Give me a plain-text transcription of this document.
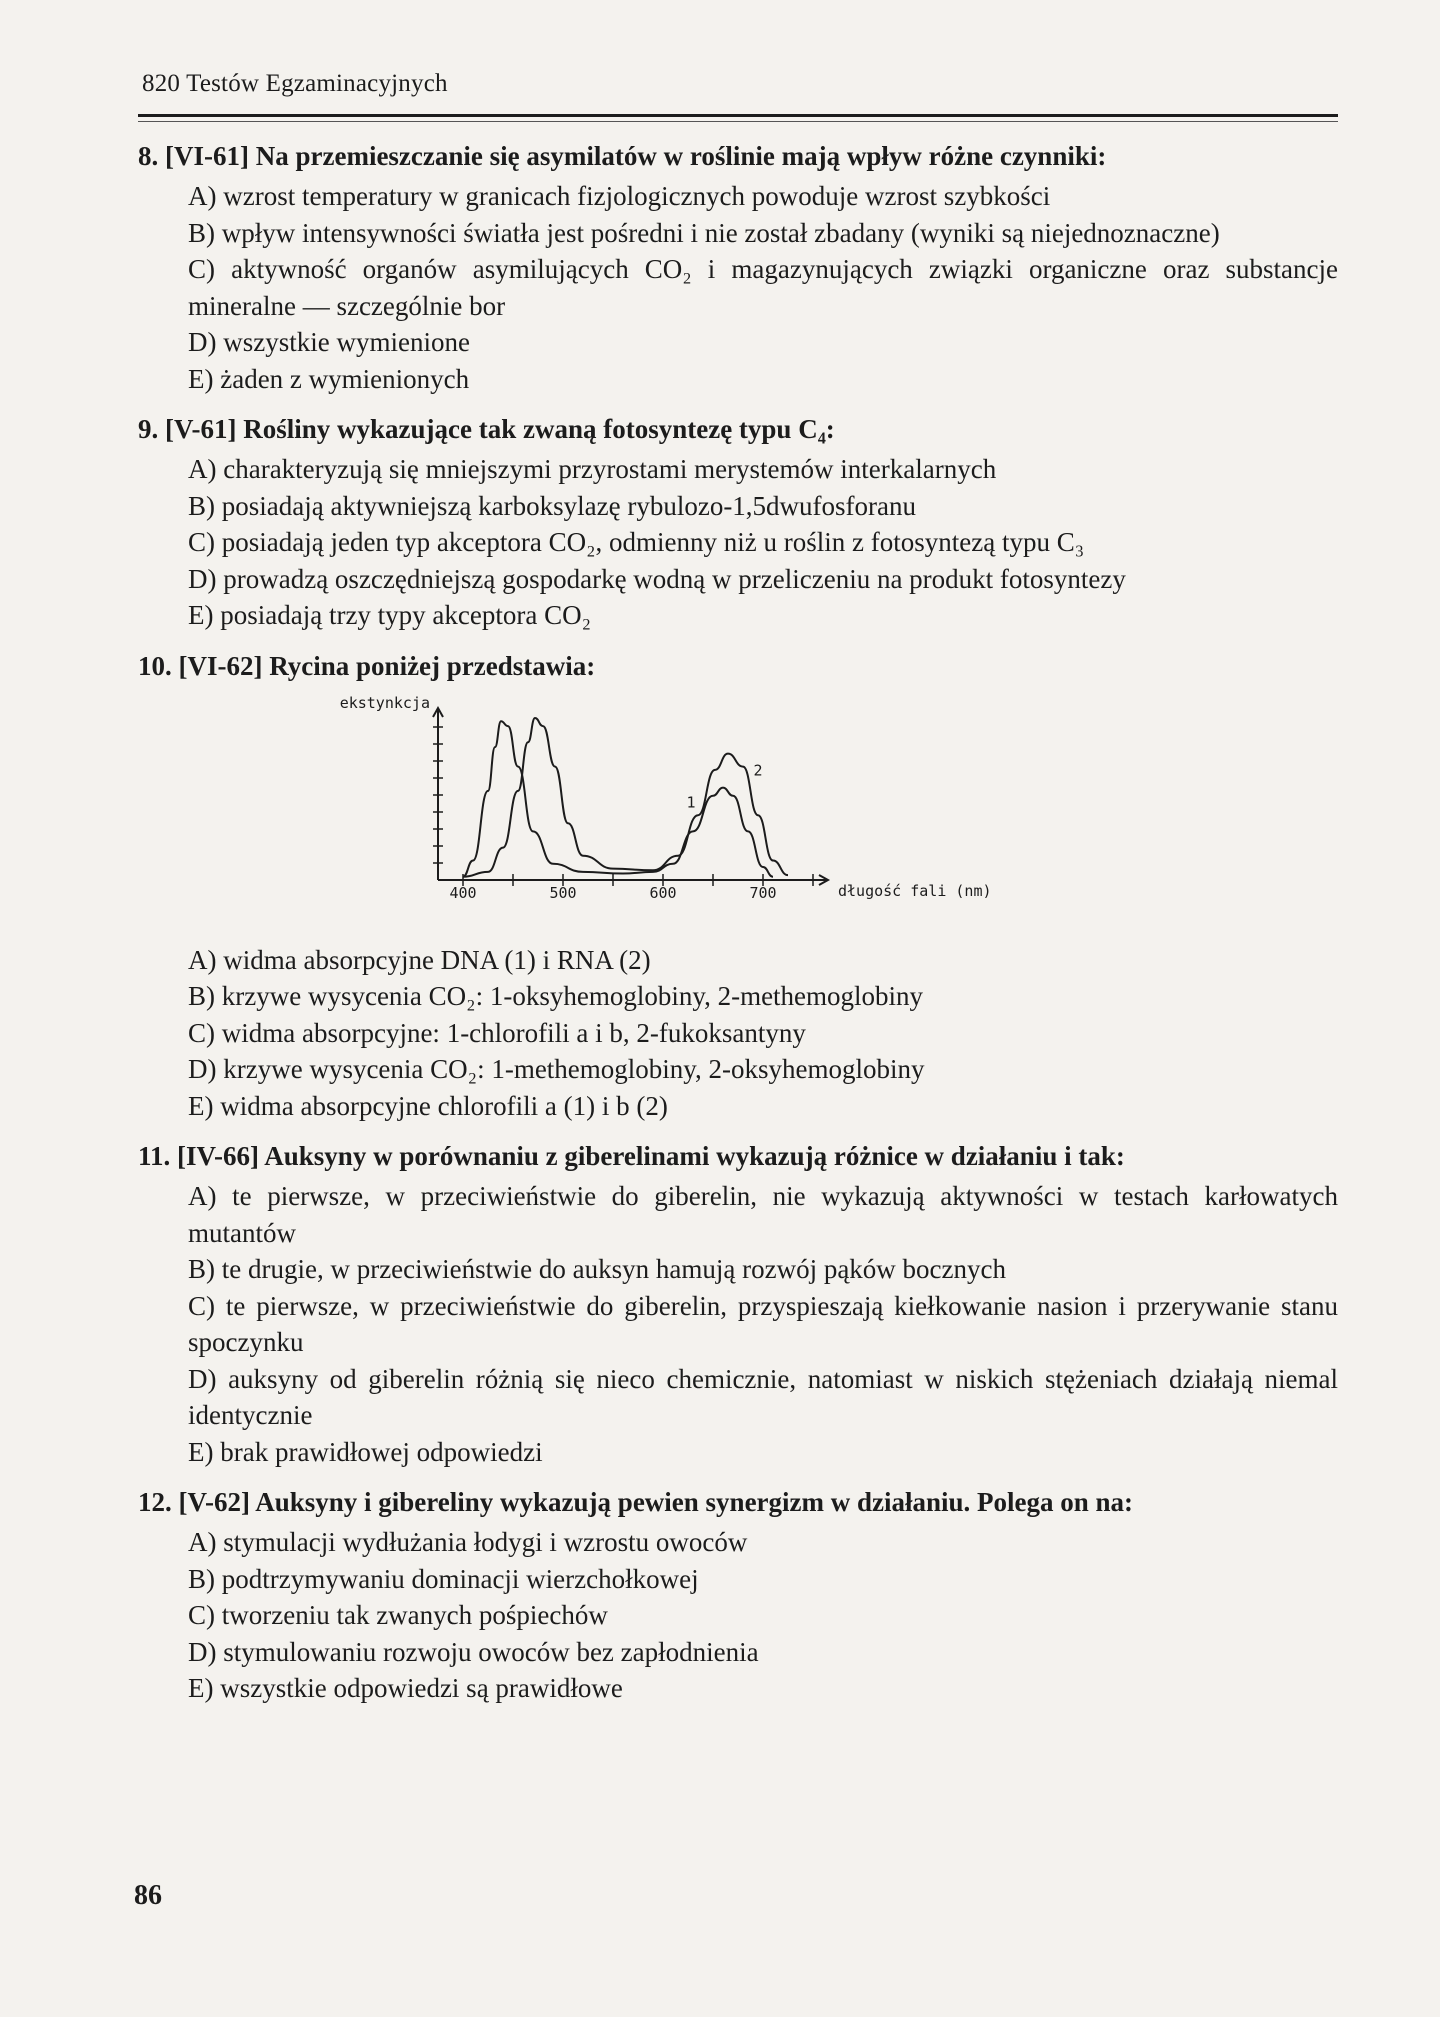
820 Testów Egzaminacyjnych

8. [VI-61] Na przemieszczanie się asymilatów w roślinie mają wpływ różne czynniki:

A) wzrost temperatury w granicach fizjologicznych powoduje wzrost szybkości

B) wpływ intensywności światła jest pośredni i nie został zbadany (wyniki są niejednoznaczne)

C) aktywność organów asymilujących CO₂ i magazynujących związki organiczne oraz substancje mineralne — szczególnie bor

D) wszystkie wymienione

E) żaden z wymienionych

9. [V-61] Rośliny wykazujące tak zwaną fotosyntezę typu C₄:

A) charakteryzują się mniejszymi przyrostami merystemów interkalarnych

B) posiadają aktywniejszą karboksylazę rybulozo-1,5dwufosforanu

C) posiadają jeden typ akceptora CO₂, odmienny niż u roślin z fotosyntezą typu C₃

D) prowadzą oszczędniejszą gospodarkę wodną w przeliczeniu na produkt fotosyntezy

E) posiadają trzy typy akceptora CO₂

10. [VI-62] Rycina poniżej przedstawia:

ekstynkcja
długość fali (nm)
400	500	600	700
1
2

A) widma absorpcyjne DNA (1) i RNA (2)

B) krzywe wysycenia CO₂: 1-oksyhemoglobiny, 2-methemoglobiny

C) widma absorpcyjne: 1-chlorofili a i b, 2-fukoksantyny

D) krzywe wysycenia CO₂: 1-methemoglobiny, 2-oksyhemoglobiny

E) widma absorpcyjne chlorofili a (1) i b (2)

11. [IV-66] Auksyny w porównaniu z giberelinami wykazują różnice w działaniu i tak:

A) te pierwsze, w przeciwieństwie do giberelin, nie wykazują aktywności w testach karłowatych mutantów

B) te drugie, w przeciwieństwie do auksyn hamują rozwój pąków bocznych

C) te pierwsze, w przeciwieństwie do giberelin, przyspieszają kiełkowanie nasion i przerywanie stanu spoczynku

D) auksyny od giberelin różnią się nieco chemicznie, natomiast w niskich stężeniach działają niemal identycznie

E) brak prawidłowej odpowiedzi

12. [V-62] Auksyny i gibereliny wykazują pewien synergizm w działaniu. Polega on na:

A) stymulacji wydłużania łodygi i wzrostu owoców

B) podtrzymywaniu dominacji wierzchołkowej

C) tworzeniu tak zwanych pośpiechów

D) stymulowaniu rozwoju owoców bez zapłodnienia

E) wszystkie odpowiedzi są prawidłowe

86
